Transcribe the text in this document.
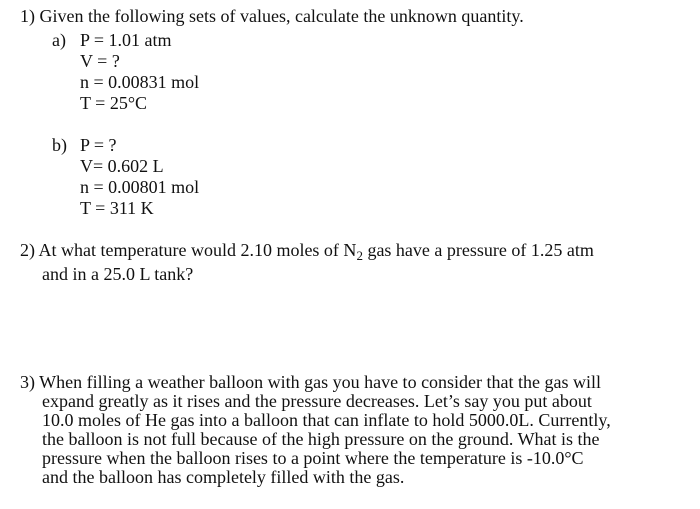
1) Given the following sets of values, calculate the unknown quantity.
a) P = 1.01 atm
V = ?
n = 0.00831 mol
T = 25°C
b) P = ?
V= 0.602 L
n = 0.00801 mol
T = 311 K
2) At what temperature would 2.10 moles of $N_2$ gas have a pressure of 1.25 atm
and in a 25.0 L tank?
3) When filling a weather balloon with gas you have to consider that the gas will
expand greatly as it rises and the pressure decreases. Let’s say you put about
10.0 moles of He gas into a balloon that can inflate to hold 5000.0L. Currently,
the balloon is not full because of the high pressure on the ground. What is the
pressure when the balloon rises to a point where the temperature is -10.0°C
and the balloon has completely filled with the gas.
